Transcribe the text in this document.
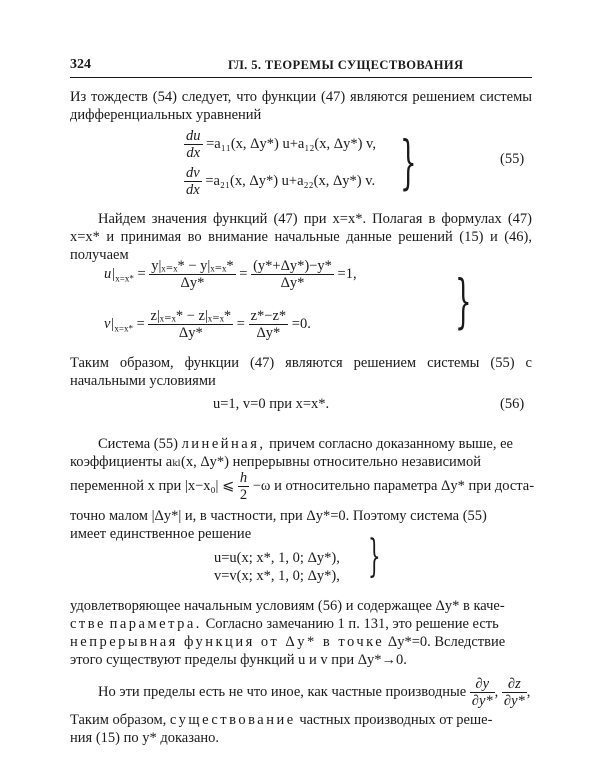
324	ГЛ. 5. ТЕОРЕМЫ СУЩЕСТВОВАНИЯ
Из тождеств (54) следует, что функции (47) являются решением системы дифференциальных уравнений
$\frac{du}{dx} =a_{11}(x$, Δy*) u+a₁₂(x, Δy*) v,
$\frac{dv}{dx} =a_{21}(x$, Δy*) u+a₂₂(x, Δy*) v. }	(55)
Найдем значения функций (47) при x=x*. Полагая в формулах (47) x=x* и принимая во внимание начальные данные решений (15) и (46), получаем
$u|_{x=x*} = \frac{\text{y|ₓ₌ₓ* − y|ₓ₌ₓ*}}{\Delta y*} = \frac{(y*+\Delta y*)-y*}{\Delta y*} =1$,
$v|_{x=x*} = \frac{\text{z|ₓ₌ₓ* − z|ₓ₌ₓ*}}{\Delta y*} = \frac{z*-z*}{\Delta y*} =0$. }
Таким образом, функции (47) являются решением системы (55) с начальными условиями
u=1, v=0 при x=x*.	(56)
Система (55) линейная, причем согласно доказанному выше, ее
коэффициенты aₖₗ(x, Δy*) непрерывны относительно независимой
переменной x при |x−x₀| ⩽ $\frac{h}{2} -\omega$ и относительно параметра Δy* при доста-
точно малом |Δy*| и, в частности, при Δy*=0. Поэтому система (55)
имеет единственное решение
u=u(x; x*, 1, 0; Δy*),
v=v(x; x*, 1, 0; Δy*), }
удовлетворяющее начальным условиям (56) и содержащее Δy* в каче-
стве параметра. Согласно замечанию 1 п. 131, это решение есть
непрерывная функция от Δy* в точке Δy*=0. Вследствие
этого существуют пределы функций u и v при Δy*→0.
Но эти пределы есть не что иное, как частные производные $\frac{\partial y}{\partial y*}$ , $\frac{\partial z}{\partial y*}$ ,
Таким образом, существование частных производных от реше-
ния (15) по y* доказано.
